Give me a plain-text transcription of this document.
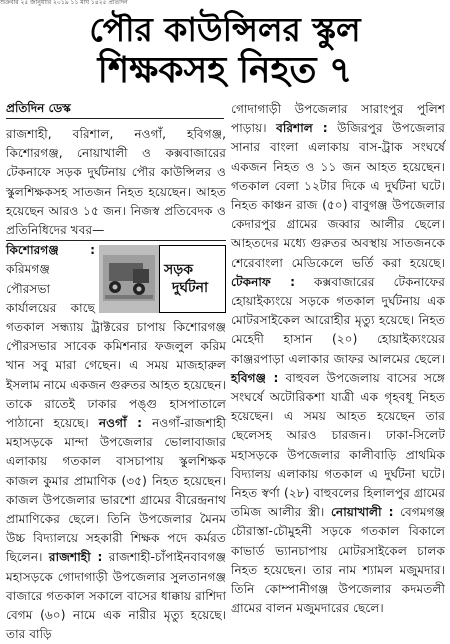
শুক্রবার ২৫ জানুয়ারি ২০১৯ ১১ মাঘ ১৪২৫ প্রতিদিন
পৌর কাউন্সিলর স্কুল
শিক্ষকসহ নিহত ৭
প্রতিদিন ডেস্ক

রাজশাহী, বরিশাল, নওগাঁ, হবিগঞ্জ, কিশোরগঞ্জ, নোয়াখালী ও কক্সবাজারের টেকনাফে সড়ক দুর্ঘটনায় পৌর কাউন্সিলর ও স্কুলশিক্ষকসহ সাতজন নিহত হয়েছেন। আহত হয়েছেন আরও ১৫ জন। নিজস্ব প্রতিবেদক ও প্রতিনিধিদের খবর—

সড়ক
দুর্ঘটনা
কিশোরগঞ্জ : করিমগঞ্জ পৌরসভা কার্যালয়ের কাছে গতকাল সন্ধ্যায় ট্রাক্টরের চাপায় কিশোরগঞ্জ পৌরসভার সাবেক কমিশনার ফজলুল করিম খান সবু মারা গেছেন। এ সময় মাজহারুল ইসলাম নামে একজন গুরুতর আহত হয়েছেন। তাকে রাতেই ঢাকার পঙ্গু হাসপাতালে পাঠানো হয়েছে। নওগাঁ : নওগাঁ-রাজশাহী মহাসড়কে মান্দা উপজেলার ভোলাবাজার এলাকায় গতকাল বাসচাপায় স্কুলশিক্ষক কাজল কুমার প্রামাণিক (৩৫) নিহত হয়েছেন। কাজল উপজেলার ভারশো গ্রামের বীরেন্দ্রনাথ প্রামাণিকের ছেলে। তিনি উপজেলার মৈনম উচ্চ বিদ্যালয়ে সহকারী শিক্ষক পদে কর্মরত ছিলেন। রাজশাহী : রাজশাহী-চাঁপাইনবাবগঞ্জ মহাসড়কে গোদাগাড়ী উপজেলার সুলতানগঞ্জ বাজারে গতকাল সকালে বাসের ধাক্কায় রাশিদা বেগম (৬০) নামে এক নারীর মৃত্যু হয়েছে। তার বাড়ি

গোদাগাড়ী উপজেলার সারাংপুর পুলিশ পাড়ায়। বরিশাল : উজিরপুর উপজেলার সানার বাংলা এলাকায় বাস-ট্রাক সংঘর্ষে একজন নিহত ও ১১ জন আহত হয়েছেন। গতকাল বেলা ১২টার দিকে এ দুর্ঘটনা ঘটে। নিহত কাঞ্চন রাজ (৫০) বাবুগঞ্জ উপজেলার কেদারপুর গ্রামের জব্বার আলীর ছেলে। আহতদের মধ্যে গুরুতর অবস্থায় সাতজনকে শেরেবাংলা মেডিকেলে ভর্তি করা হয়েছে। টেকনাফ : কক্সবাজারের টেকনাফের হোয়াইক্যংয়ে সড়কে গতকাল দুর্ঘটনায় এক মোটরসাইকেল আরোহীর মৃত্যু হয়েছে। নিহত মেহেদী হাসান (২০) হোয়াইক্যংয়ের কাঞ্জরপাড়া এলাকার জাফর আলমের ছেলে। হবিগঞ্জ : বাহুবল উপজেলায় বাসের সঙ্গে সংঘর্ষে অটোরিকশা যাত্রী এক গৃহবধূ নিহত হয়েছেন। এ সময় আহত হয়েছেন তার ছেলেসহ আরও চারজন। ঢাকা-সিলেট মহাসড়কে উপজেলার কালীবাড়ি প্রাথমিক বিদ্যালয় এলাকায় গতকাল এ দুর্ঘটনা ঘটে। নিহত স্বর্ণা (২৮) বাহুবলের হিলালপুর গ্রামের তমিজ আলীর স্ত্রী। নোয়াখালী : বেগমগঞ্জ চৌরাস্তা-চৌমুহনী সড়কে গতকাল বিকালে কাভার্ড ভ্যানচাপায় মোটরসাইকেল চালক নিহত হয়েছেন। তার নাম শ্যামল মজুমদার। তিনি কোম্পানীগঞ্জ উপজেলার কদমতলী গ্রামের বালন মজুমদারের ছেলে।
